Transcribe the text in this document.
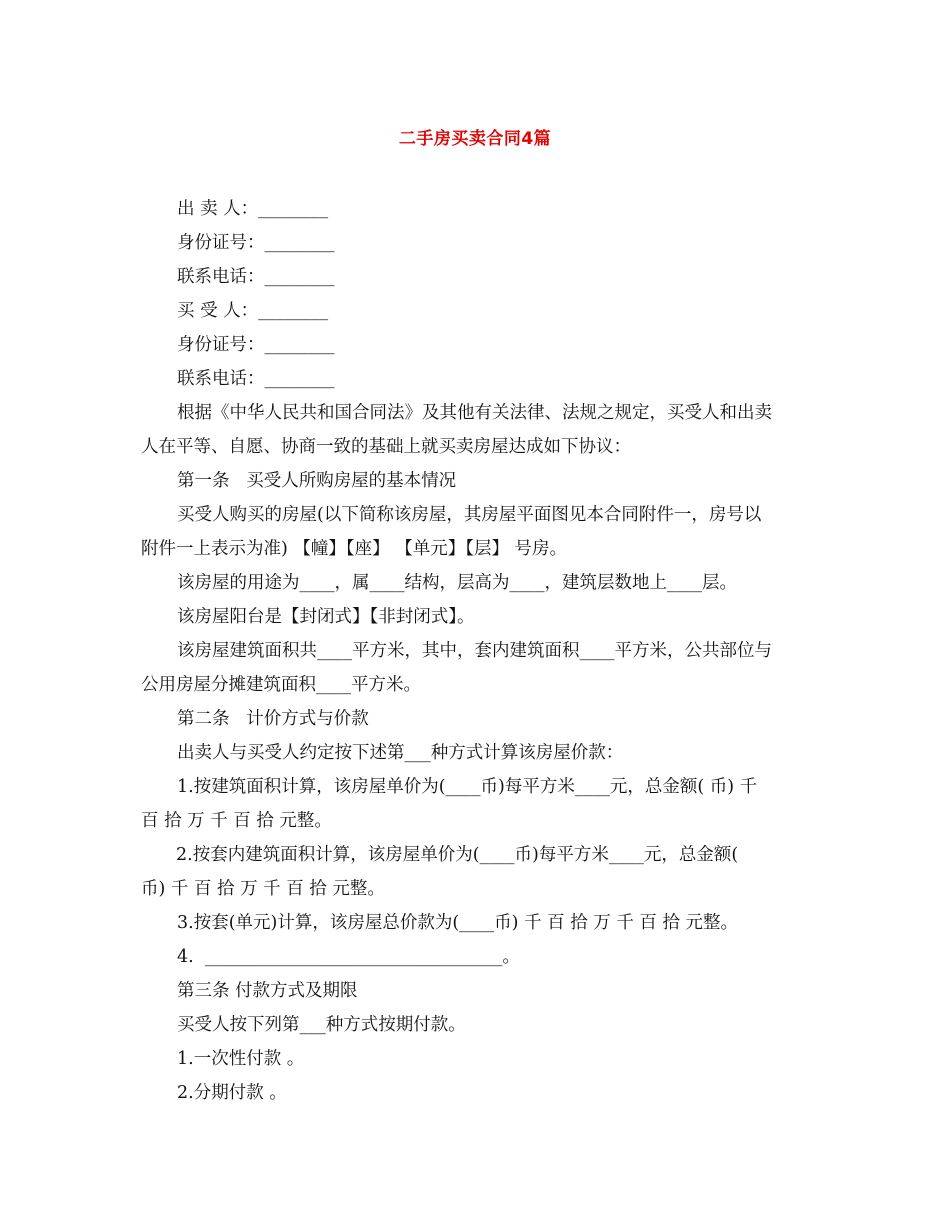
二手房买卖合同4篇
出 卖 人：________
身份证号：________
联系电话：________
买 受 人：________
身份证号：________
联系电话：________
根据《中华人民共和国合同法》及其他有关法律、法规之规定，买受人和出卖
人在平等、自愿、协商一致的基础上就买卖房屋达成如下协议：
第一条   买受人所购房屋的基本情况
买受人购买的房屋(以下简称该房屋，其房屋平面图见本合同附件一，房号以
附件一上表示为准) 【幢】【座】 【单元】【层】 号房。
该房屋的用途为____，属____结构，层高为____，建筑层数地上____层。
该房屋阳台是【封闭式】【非封闭式】。
该房屋建筑面积共____平方米，其中，套内建筑面积____平方米，公共部位与
公用房屋分摊建筑面积____平方米。
第二条   计价方式与价款
出卖人与买受人约定按下述第___种方式计算该房屋价款：
1.按建筑面积计算，该房屋单价为(____币)每平方米____元，总金额( 币) 千
百 拾 万 千 百 拾 元整。
2.按套内建筑面积计算，该房屋单价为(____币)每平方米____元，总金额(
币) 千 百 拾 万 千 百 拾 元整。
3.按套(单元)计算，该房屋总价款为(____币) 千 百 拾 万 千 百 拾 元整。
4.  __________________________________。
第三条 付款方式及期限
买受人按下列第___种方式按期付款。
1.一次性付款 。
2.分期付款 。
